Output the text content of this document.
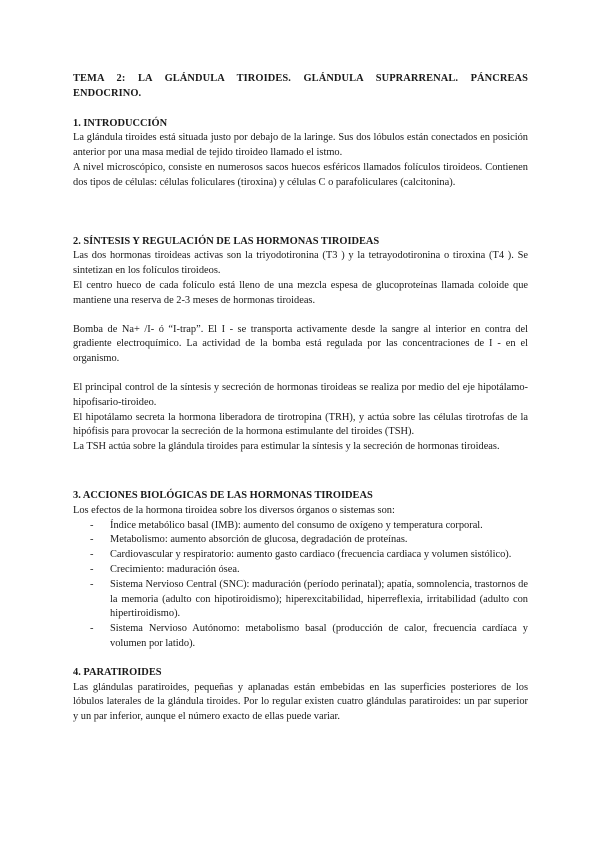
TEMA 2: LA GLÁNDULA TIROIDES. GLÁNDULA SUPRARRENAL. PÁNCREAS ENDOCRINO.

1. INTRODUCCIÓN

La glándula tiroides está situada justo por debajo de la laringe. Sus dos lóbulos están conectados en posición anterior por una masa medial de tejido tiroideo llamado el istmo.

A nivel microscópico, consiste en numerosos sacos huecos esféricos llamados folículos tiroideos. Contienen dos tipos de células: células foliculares (tiroxina) y células C o parafoliculares (calcitonina).

2. SÍNTESIS Y REGULACIÓN DE LAS HORMONAS TIROIDEAS

Las dos hormonas tiroideas activas son la triyodotironina (T3 ) y la tetrayodotironina o tiroxina (T4 ). Se sintetizan en los folículos tiroideos.

El centro hueco de cada folículo está lleno de una mezcla espesa de glucoproteínas llamada coloide que mantiene una reserva de 2-3 meses de hormonas tiroideas.

Bomba de Na+ /I- ó “I-trap”. El I - se transporta activamente desde la sangre al interior en contra del gradiente electroquímico. La actividad de la bomba está regulada por las concentraciones de I - en el organismo.

El principal control de la síntesis y secreción de hormonas tiroideas se realiza por medio del eje hipotálamo-hipofisario-tiroideo.

El hipotálamo secreta la hormona liberadora de tirotropina (TRH), y actúa sobre las células tirotrofas de la hipófisis para provocar la secreción de la hormona estimulante del tiroides (TSH).

La TSH actúa sobre la glándula tiroides para estimular la síntesis y la secreción de hormonas tiroideas.

3. ACCIONES BIOLÓGICAS DE LAS HORMONAS TIROIDEAS

Los efectos de la hormona tiroidea sobre los diversos órganos o sistemas son:

- Índice metabólico basal (IMB): aumento del consumo de oxígeno y temperatura corporal.
- Metabolismo: aumento absorción de glucosa, degradación de proteínas.
- Cardiovascular y respiratorio: aumento gasto cardiaco (frecuencia cardiaca y volumen sistólico).
- Crecimiento: maduración ósea.
- Sistema Nervioso Central (SNC): maduración (período perinatal); apatía, somnolencia, trastornos de la memoria (adulto con hipotiroidismo); hiperexcitabilidad, hiperreflexia, irritabilidad (adulto con hipertiroidismo).
- Sistema Nervioso Autónomo: metabolismo basal (producción de calor, frecuencia cardíaca y volumen por latido).
4. PARATIROIDES

Las glándulas paratiroides, pequeñas y aplanadas están embebidas en las superficies posteriores de los lóbulos laterales de la glándula tiroides. Por lo regular existen cuatro glándulas paratiroides: un par superior y un par inferior, aunque el número exacto de ellas puede variar.
